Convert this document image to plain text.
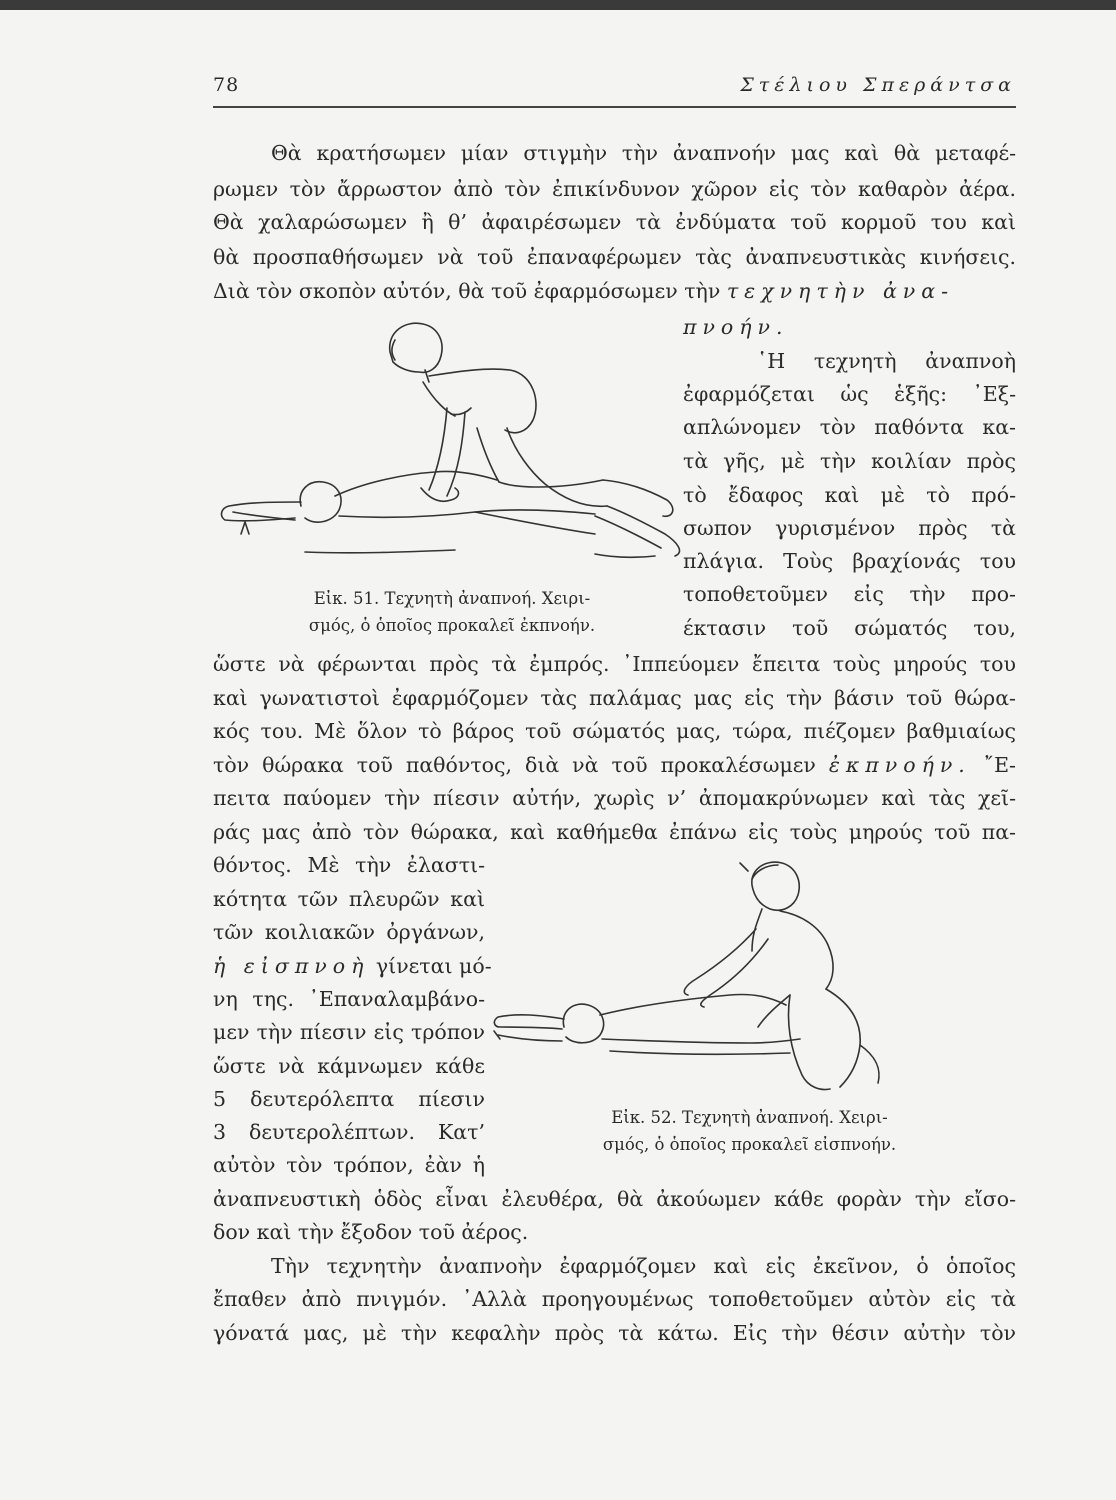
78	Στέλιου Σπεράντσα
Θὰ κρατήσωμεν μίαν στιγμὴν τὴν ἀναπνοήν μας καὶ θὰ μεταφέ-
ρωμεν τὸν ἄρρωστον ἀπὸ τὸν ἐπικίνδυνον χῶρον εἰς τὸν καθαρὸν ἀέρα.
Θὰ χαλαρώσωμεν ἢ θ’ ἀφαιρέσωμεν τὰ ἐνδύματα τοῦ κορμοῦ του καὶ
θὰ προσπαθήσωμεν νὰ τοῦ ἐπαναφέρωμεν τὰς ἀναπνευστικὰς κινήσεις.
Διὰ τὸν σκοπὸν αὐτόν, θὰ τοῦ ἐφαρμόσωμεν τὴν τεχνητὴν ἀνα-
πνοήν.
῾Η τεχνητὴ ἀναπνοὴ
ἐφαρμόζεται ὡς ἑξῆς: ᾿Εξ-
απλώνομεν τὸν παθόντα κα-
τὰ γῆς, μὲ τὴν κοιλίαν πρὸς
τὸ ἔδαφος καὶ μὲ τὸ πρό-
σωπον γυρισμένον πρὸς τὰ
πλάγια. Τοὺς βραχίονάς του
τοποθετοῦμεν εἰς τὴν προ-
έκτασιν τοῦ σώματός του,
Εἰκ. 51. Τεχνητὴ ἀναπνοή. Χειρι-
σμός, ὁ ὁποῖος προκαλεῖ ἐκπνοήν.
ὥστε νὰ φέρωνται πρὸς τὰ ἐμπρός. ᾿Ιππεύομεν ἔπειτα τοὺς μηρούς του
καὶ γωνατιστοὶ ἐφαρμόζομεν τὰς παλάμας μας εἰς τὴν βάσιν τοῦ θώρα-
κός του. Μὲ ὅλον τὸ βάρος τοῦ σώματός μας, τώρα, πιέζομεν βαθμιαίως
τὸν θώρακα τοῦ παθόντος, διὰ νὰ τοῦ προκαλέσωμεν ἐκπνοήν. ῎Ε-
πειτα παύομεν τὴν πίεσιν αὐτήν, χωρὶς ν’ ἀπομακρύνωμεν καὶ τὰς χεῖ-
ράς μας ἀπὸ τὸν θώρακα, καὶ καθήμεθα ἐπάνω εἰς τοὺς μηρούς τοῦ πα-
θόντος. Μὲ τὴν ἐλαστι-
κότητα τῶν πλευρῶν καὶ
τῶν κοιλιακῶν ὀργάνων,
ἡ εἰσπνοὴ γίνεται μό-
νη της. ᾿Επαναλαμβάνο-
μεν τὴν πίεσιν εἰς τρόπον
ὥστε νὰ κάμνωμεν κάθε
5 δευτερόλεπτα πίεσιν
3 δευτερολέπτων. Κατ’
αὐτὸν τὸν τρόπον, ἐὰν ἡ
Εἰκ. 52. Τεχνητὴ ἀναπνοή. Χειρι-
σμός, ὁ ὁποῖος προκαλεῖ εἰσπνοήν.
ἀναπνευστικὴ ὁδὸς εἶναι ἐλευθέρα, θὰ ἀκούωμεν κάθε φορὰν τὴν εἴσο-
δον καὶ τὴν ἔξοδον τοῦ ἀέρος.
Τὴν τεχνητὴν ἀναπνοὴν ἐφαρμόζομεν καὶ εἰς ἐκεῖνον, ὁ ὁποῖος
ἔπαθεν ἀπὸ πνιγμόν. ᾿Αλλὰ προηγουμένως τοποθετοῦμεν αὐτὸν εἰς τὰ
γόνατά μας, μὲ τὴν κεφαλὴν πρὸς τὰ κάτω. Εἰς τὴν θέσιν αὐτὴν τὸν
